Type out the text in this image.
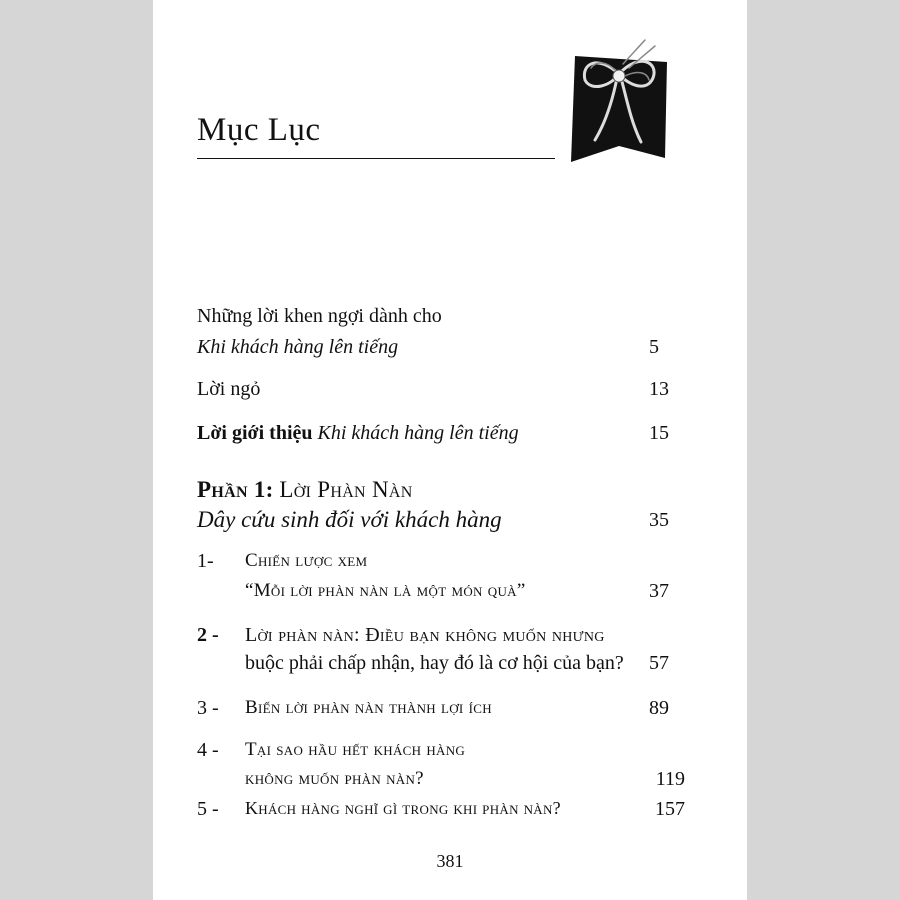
Mục Lục
Những lời khen ngợi dành cho
Khi khách hàng lên tiếng	5
Lời ngỏ	13
Lời giới thiệu Khi khách hàng lên tiếng	15
Phần 1: Lời Phàn Nàn
Dây cứu sinh đối với khách hàng	35
1- Chiến lược xem
“Mỗi lời phàn nàn là một món quà”	37
2 - Lời phàn nàn: Điều bạn không muốn nhưng
buộc phải chấp nhận, hay đó là cơ hội của bạn?	57
3 - Biến lời phàn nàn thành lợi ích	89
4 - Tại sao hầu hết khách hàng
không muốn phàn nàn?	119
5 - Khách hàng nghĩ gì trong khi phàn nàn?	157
381
